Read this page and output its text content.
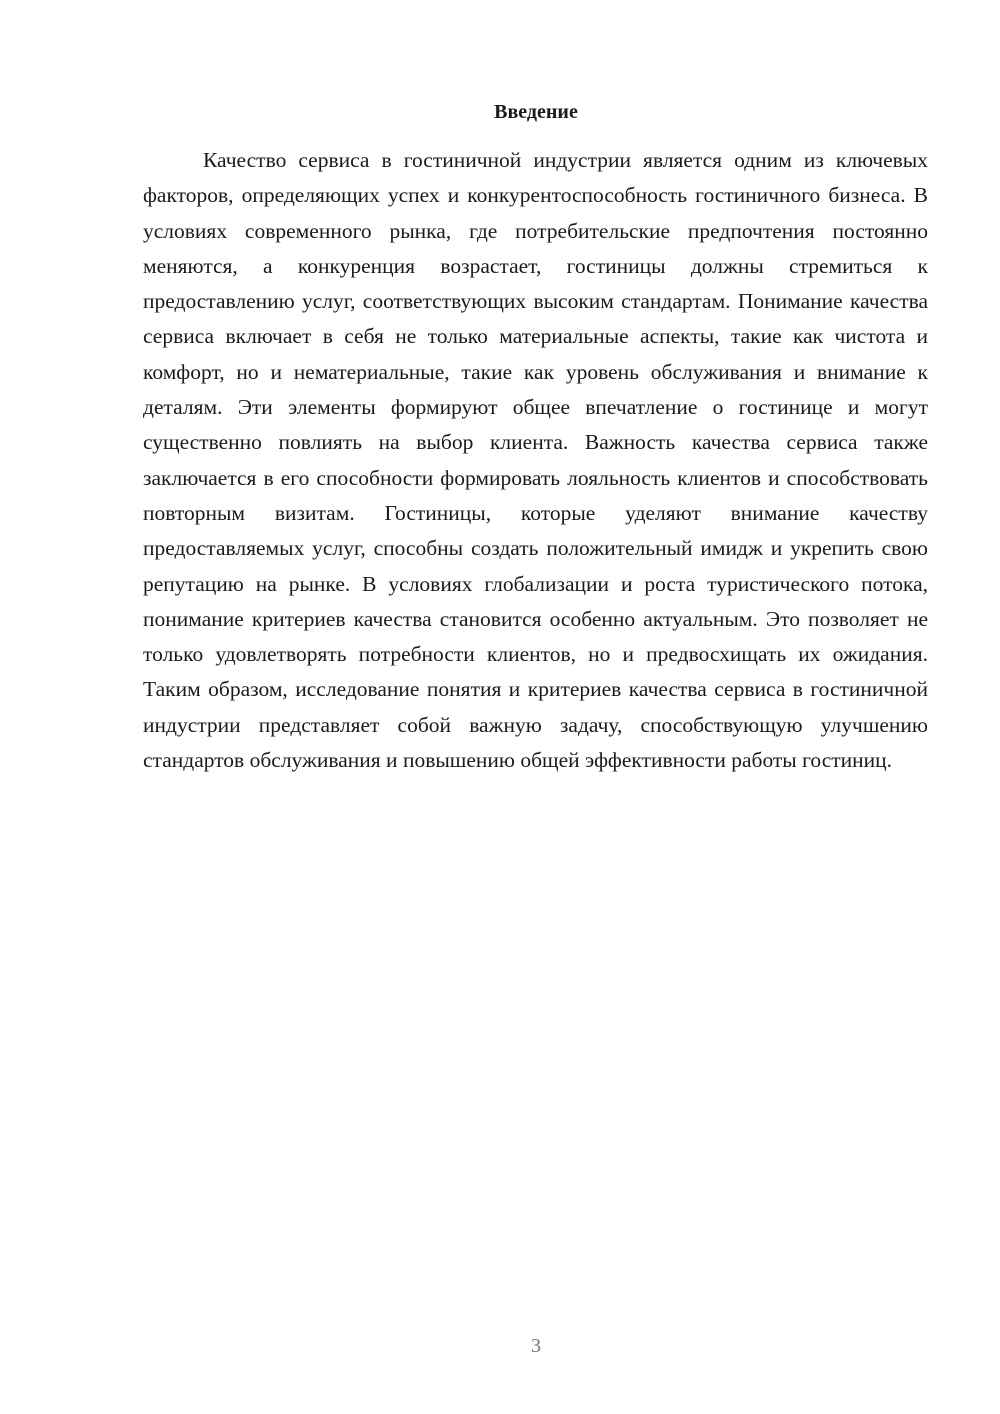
Введение

Качество сервиса в гостиничной индустрии является одним из ключевых факторов, определяющих успех и конкурентоспособность гостиничного бизнеса. В условиях современного рынка, где потребительские предпочтения постоянно меняются, а конкуренция возрастает, гостиницы должны стремиться к предоставлению услуг, соответствующих высоким стандартам. Понимание качества сервиса включает в себя не только материальные аспекты, такие как чистота и комфорт, но и нематериальные, такие как уровень обслуживания и внимание к деталям. Эти элементы формируют общее впечатление о гостинице и могут существенно повлиять на выбор клиента. Важность качества сервиса также заключается в его способности формировать лояльность клиентов и способствовать повторным визитам. Гостиницы, которые уделяют внимание качеству предоставляемых услуг, способны создать положительный имидж и укрепить свою репутацию на рынке. В условиях глобализации и роста туристического потока, понимание критериев качества становится особенно актуальным. Это позволяет не только удовлетворять потребности клиентов, но и предвосхищать их ожидания. Таким образом, исследование понятия и критериев качества сервиса в гостиничной индустрии представляет собой важную задачу, способствующую улучшению стандартов обслуживания и повышению общей эффективности работы гостиниц.

3
